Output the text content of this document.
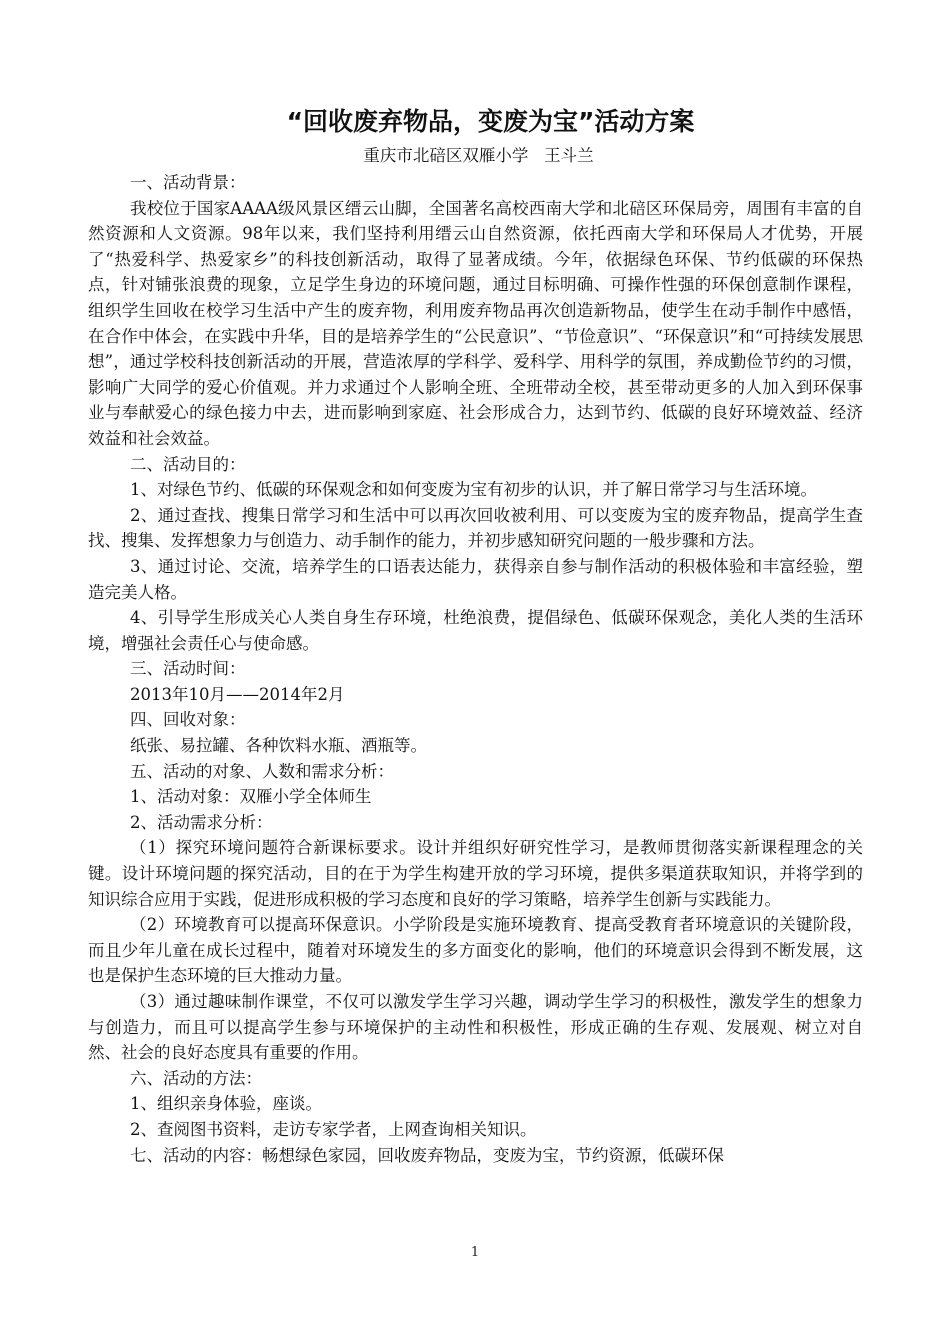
“回收废弃物品，变废为宝”活动方案
重庆市北碚区双雁小学   王斗兰

一、活动背景：

我校位于国家AAAA级风景区缙云山脚，全国著名高校西南大学和北碚区环保局旁，周围有丰富的自然资源和人文资源。98年以来，我们坚持利用缙云山自然资源，依托西南大学和环保局人才优势，开展了“热爱科学、热爱家乡”的科技创新活动，取得了显著成绩。今年，依据绿色环保、节约低碳的环保热点，针对铺张浪费的现象，立足学生身边的环境问题，通过目标明确、可操作性强的环保创意制作课程，组织学生回收在校学习生活中产生的废弃物，利用废弃物品再次创造新物品，使学生在动手制作中感悟，在合作中体会，在实践中升华，目的是培养学生的“公民意识”、“节俭意识”、“环保意识”和“可持续发展思想”，通过学校科技创新活动的开展，营造浓厚的学科学、爱科学、用科学的氛围，养成勤俭节约的习惯，影响广大同学的爱心价值观。并力求通过个人影响全班、全班带动全校，甚至带动更多的人加入到环保事业与奉献爱心的绿色接力中去，进而影响到家庭、社会形成合力，达到节约、低碳的良好环境效益、经济效益和社会效益。

二、活动目的：

1、对绿色节约、低碳的环保观念和如何变废为宝有初步的认识，并了解日常学习与生活环境。

2、通过查找、搜集日常学习和生活中可以再次回收被利用、可以变废为宝的废弃物品，提高学生查找、搜集、发挥想象力与创造力、动手制作的能力，并初步感知研究问题的一般步骤和方法。

3、通过讨论、交流，培养学生的口语表达能力，获得亲自参与制作活动的积极体验和丰富经验，塑造完美人格。

4、引导学生形成关心人类自身生存环境，杜绝浪费，提倡绿色、低碳环保观念，美化人类的生活环境，增强社会责任心与使命感。

三、活动时间：

2013年10月——2014年2月

四、回收对象：

纸张、易拉罐、各种饮料水瓶、酒瓶等。

五、活动的对象、人数和需求分析：

1、活动对象：双雁小学全体师生

2、活动需求分析：

（1）探究环境问题符合新课标要求。设计并组织好研究性学习，是教师贯彻落实新课程理念的关键。设计环境问题的探究活动，目的在于为学生构建开放的学习环境，提供多渠道获取知识，并将学到的知识综合应用于实践，促进形成积极的学习态度和良好的学习策略，培养学生创新与实践能力。

（2）环境教育可以提高环保意识。小学阶段是实施环境教育、提高受教育者环境意识的关键阶段，而且少年儿童在成长过程中，随着对环境发生的多方面变化的影响，他们的环境意识会得到不断发展，这也是保护生态环境的巨大推动力量。

（3）通过趣味制作课堂，不仅可以激发学生学习兴趣，调动学生学习的积极性，激发学生的想象力与创造力，而且可以提高学生参与环境保护的主动性和积极性，形成正确的生存观、发展观、树立对自然、社会的良好态度具有重要的作用。

六、活动的方法：

1、组织亲身体验，座谈。

2、查阅图书资料，走访专家学者，上网查询相关知识。

七、活动的内容：畅想绿色家园，回收废弃物品，变废为宝，节约资源，低碳环保

1
